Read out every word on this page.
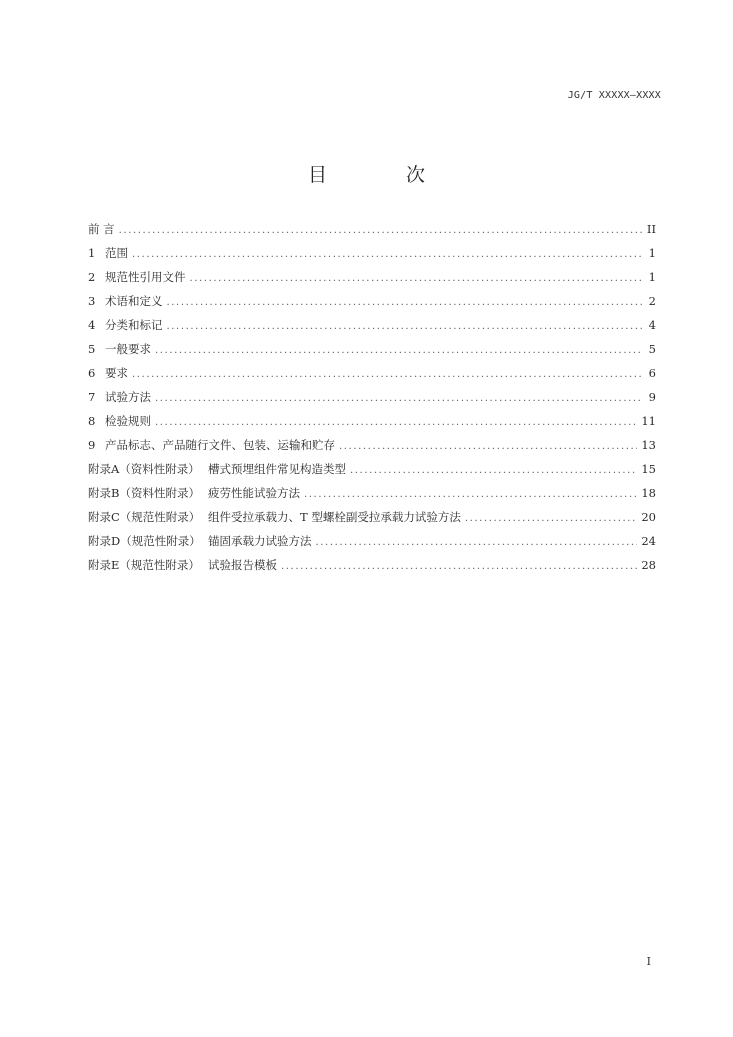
JG/T XXXXX—XXXX
目　次
前 言 .....	II
1 范围 .....	1
2 规范性引用文件 .....	1
3 术语和定义 .....	2
4 分类和标记 .....	4
5 一般要求 .....	5
6 要求 .....	6
7 试验方法 .....	9
8 检验规则 .....	11
9 产品标志、产品随行文件、包装、运输和贮存 .....	13
附录A（资料性附录） 槽式预埋组件常见构造类型 .....	15
附录B（资料性附录） 疲劳性能试验方法 .....	18
附录C（规范性附录） 组件受拉承载力、T 型螺栓副受拉承载力试验方法 .....	20
附录D（规范性附录） 锚固承载力试验方法 .....	24
附录E（规范性附录） 试验报告模板 .....	28
I
